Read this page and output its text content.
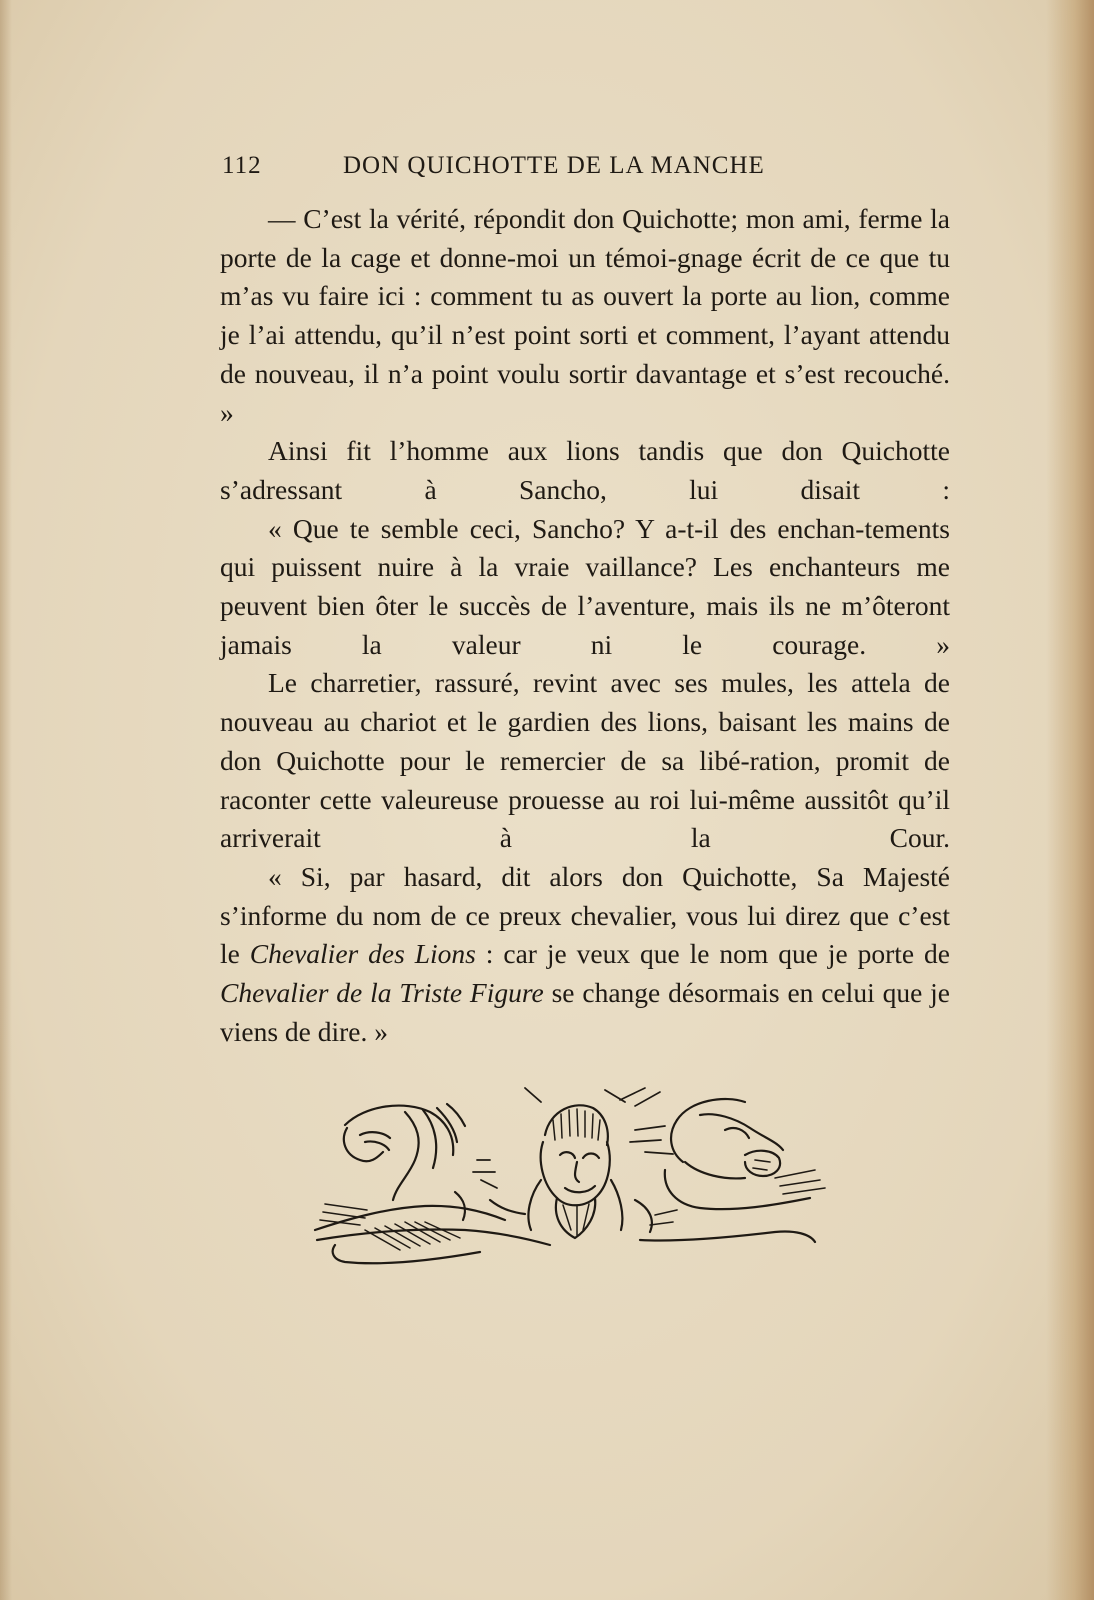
112	DON QUICHOTTE DE LA MANCHE

— C’est la vérité, répondit don Quichotte; mon ami, ferme la porte de la cage et donne-moi un témoi-gnage écrit de ce que tu m’as vu faire ici : comment tu as ouvert la porte au lion, comme je l’ai attendu, qu’il n’est point sorti et comment, l’ayant attendu de nouveau, il n’a point voulu sortir davantage et s’est recouché. »

Ainsi fit l’homme aux lions tandis que don Quichotte s’adressant à Sancho, lui disait :

« Que te semble ceci, Sancho? Y a-t-il des enchan-tements qui puissent nuire à la vraie vaillance? Les enchanteurs me peuvent bien ôter le succès de l’aventure, mais ils ne m’ôteront jamais la valeur ni le courage. »

Le charretier, rassuré, revint avec ses mules, les attela de nouveau au chariot et le gardien des lions, baisant les mains de don Quichotte pour le remercier de sa libé-ration, promit de raconter cette valeureuse prouesse au roi lui-même aussitôt qu’il arriverait à la Cour.

« Si, par hasard, dit alors don Quichotte, Sa Majesté s’informe du nom de ce preux chevalier, vous lui direz que c’est le Chevalier des Lions : car je veux que le nom que je porte de Chevalier de la Triste Figure se change désormais en celui que je viens de dire. »
